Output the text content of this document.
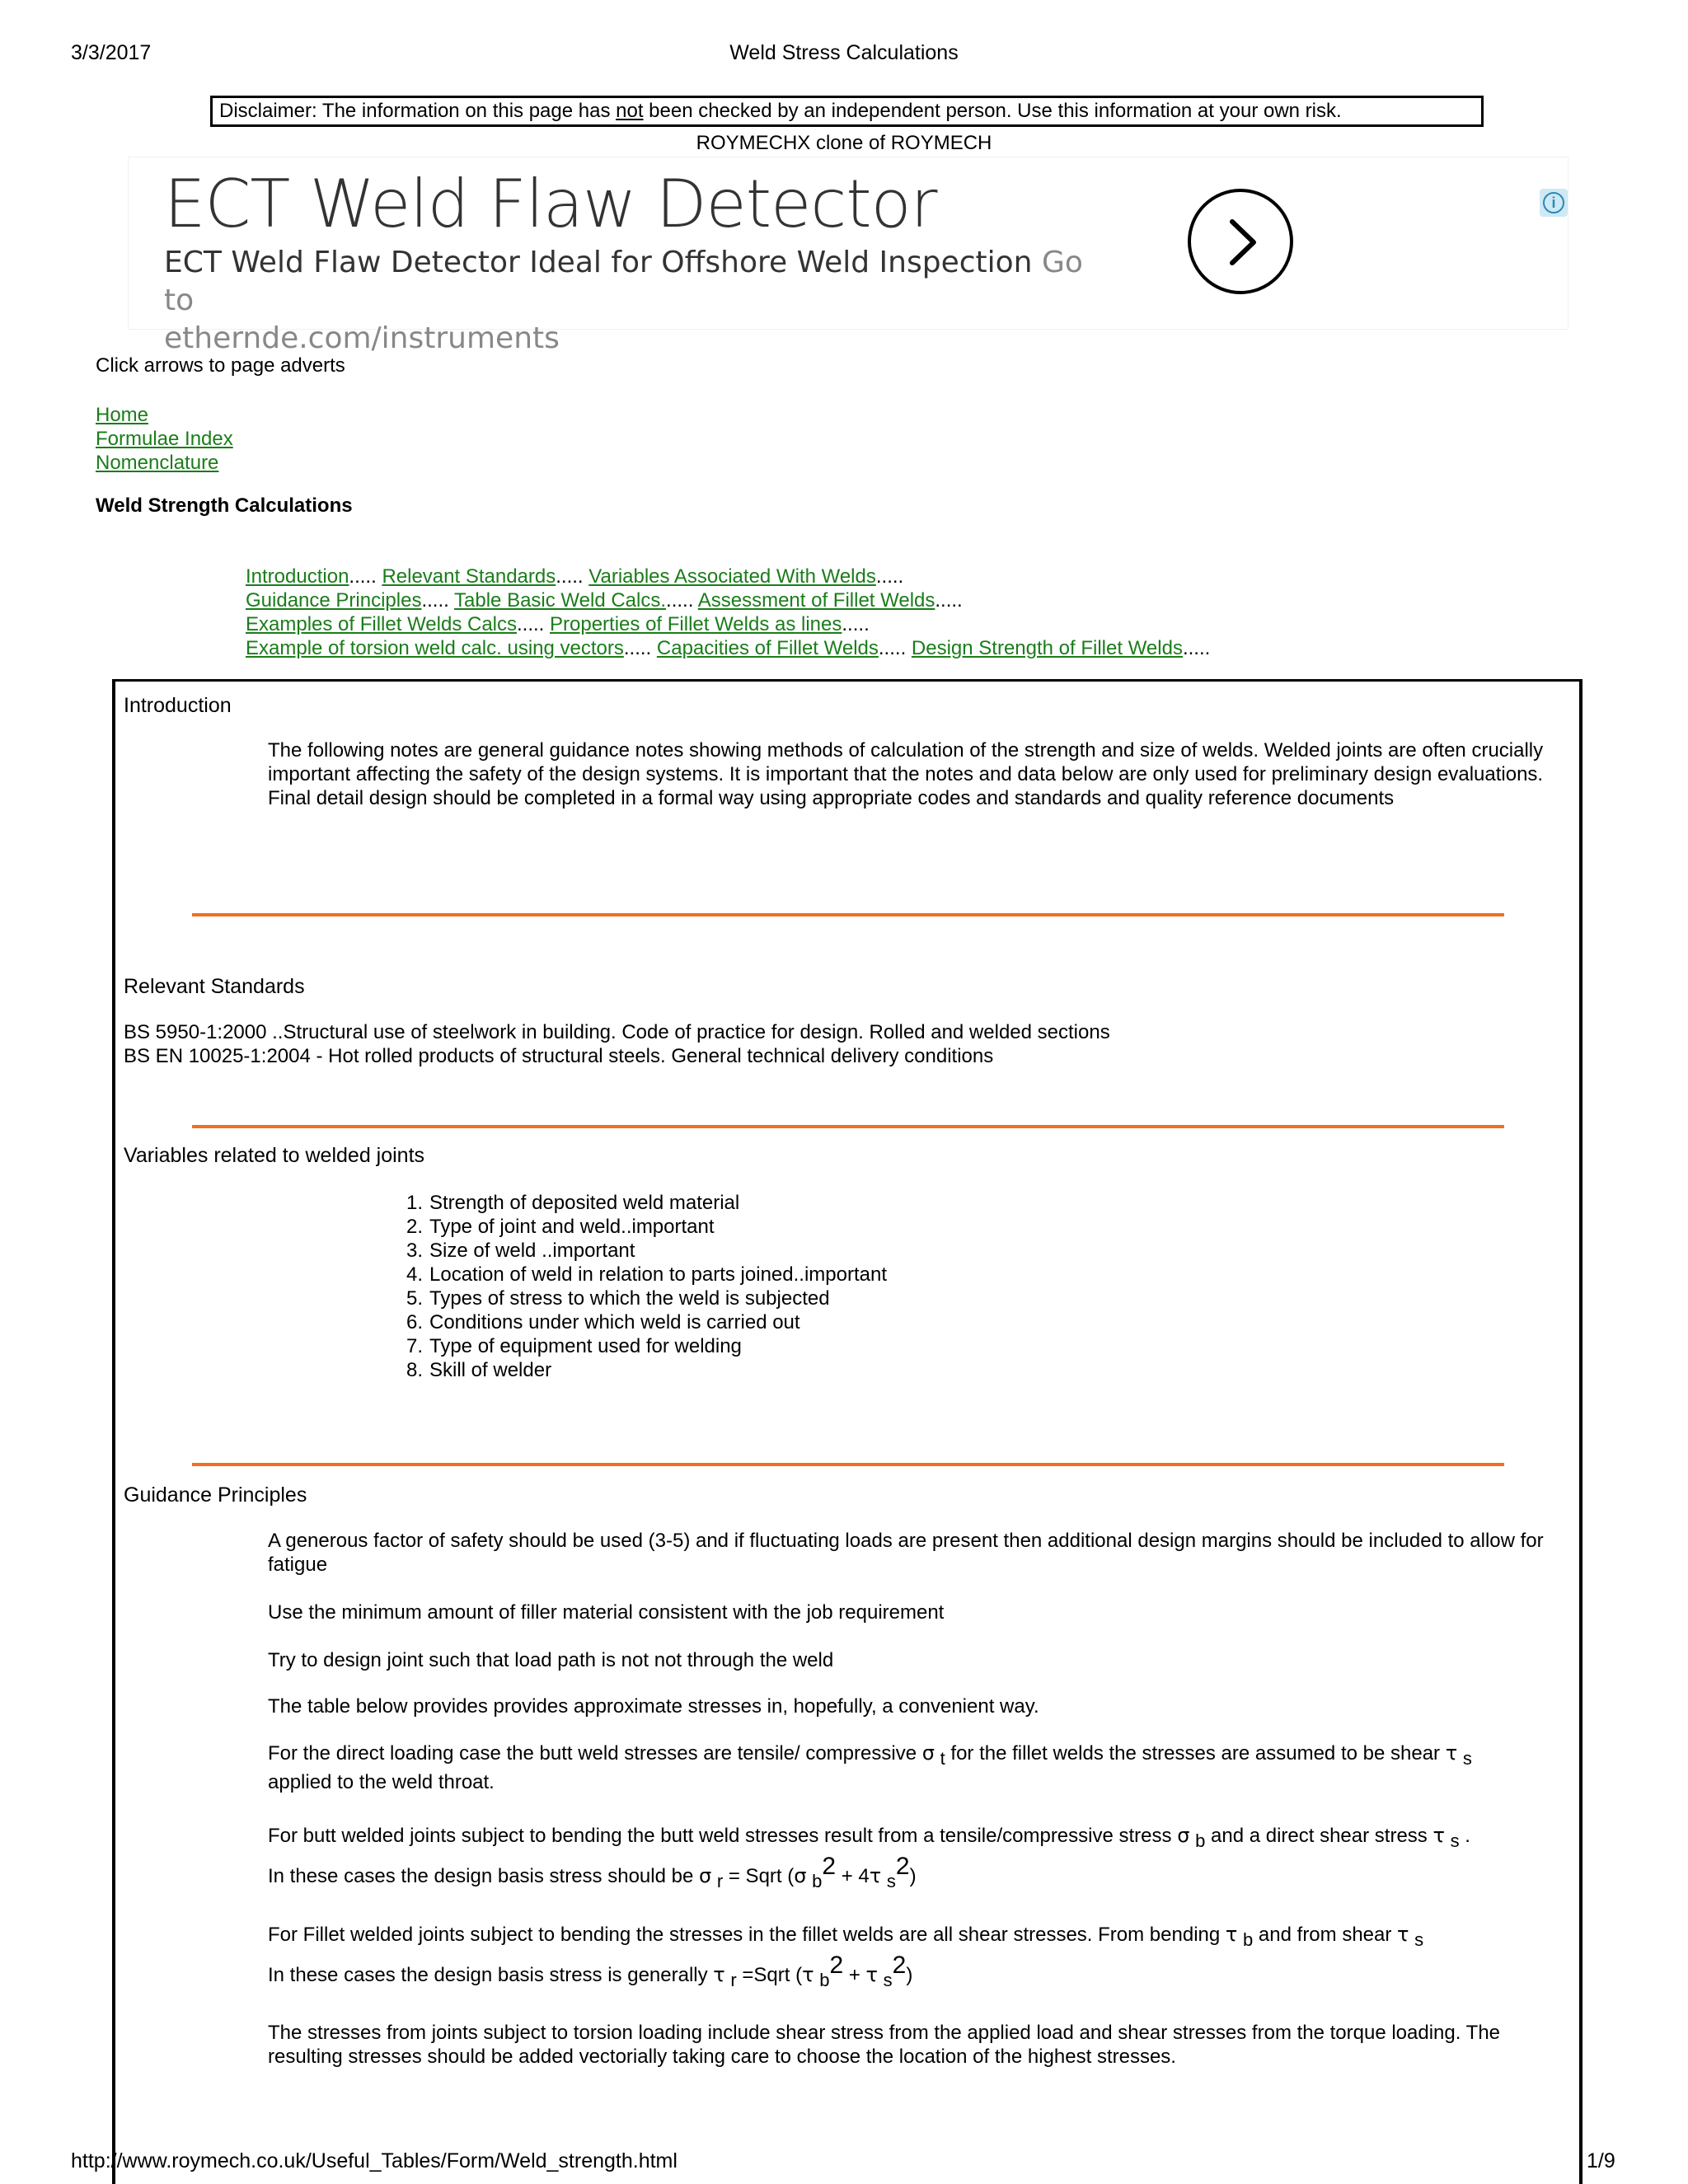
3/3/2017	Weld Stress Calculations
Disclaimer: The information on this page has not been checked by an independent person. Use this information at your own risk.
ROYMECHX clone of ROYMECH
ECT Weld Flaw Detector
ECT Weld Flaw Detector Ideal for Offshore Weld Inspection Go to
ethernde.com/instruments
i
Click arrows to page adverts
Home
Formulae Index
Nomenclature
Weld Strength Calculations
Introduction..... Relevant Standards..... Variables Associated With Welds.....
Guidance Principles..... Table Basic Weld Calcs...... Assessment of Fillet Welds.....
Examples of Fillet Welds Calcs..... Properties of Fillet Welds as lines.....
Example of torsion weld calc. using vectors..... Capacities of Fillet Welds..... Design Strength of Fillet Welds.....
Introduction
The following notes are general guidance notes showing methods of calculation of the strength and size of welds. Welded joints are often crucially important affecting the safety of the design systems. It is important that the notes and data below are only used for preliminary design evaluations. Final detail design should be completed in a formal way using appropriate codes and standards and quality reference documents
Relevant Standards
BS 5950-1:2000 ..Structural use of steelwork in building. Code of practice for design. Rolled and welded sections
BS EN 10025-1:2004 - Hot rolled products of structural steels. General technical delivery conditions
Variables related to welded joints
1. Strength of deposited weld material
2. Type of joint and weld..important
3. Size of weld ..important
4. Location of weld in relation to parts joined..important
5. Types of stress to which the weld is subjected
6. Conditions under which weld is carried out
7. Type of equipment used for welding
8. Skill of welder
Guidance Principles
A generous factor of safety should be used (3-5) and if fluctuating loads are present then additional design margins should be included to allow for fatigue
Use the minimum amount of filler material consistent with the job requirement
Try to design joint such that load path is not not through the weld
The table below provides provides approximate stresses in, hopefully, a convenient way.
For the direct loading case the butt weld stresses are tensile/ compressive σ $_t$ for the fillet welds the stresses are assumed to be shear τ $_s$
applied to the weld throat.
For butt welded joints subject to bending the butt weld stresses result from a tensile/compressive stress σ $_b$ and a direct shear stress τ $_s$ .
In these cases the design basis stress should be σ $_r$ = Sqrt (σ $_b^2$ + 4τ $_s^2$)
For Fillet welded joints subject to bending the stresses in the fillet welds are all shear stresses. From bending τ $_b$ and from shear τ $_s$
In these cases the design basis stress is generally τ $_r$ =Sqrt (τ $_b^2$ + τ $_s^2$)
The stresses from joints subject to torsion loading include shear stress from the applied load and shear stresses from the torque loading. The resulting stresses should be added vectorially taking care to choose the location of the highest stresses.
http://www.roymech.co.uk/Useful_Tables/Form/Weld_strength.html	1/9
